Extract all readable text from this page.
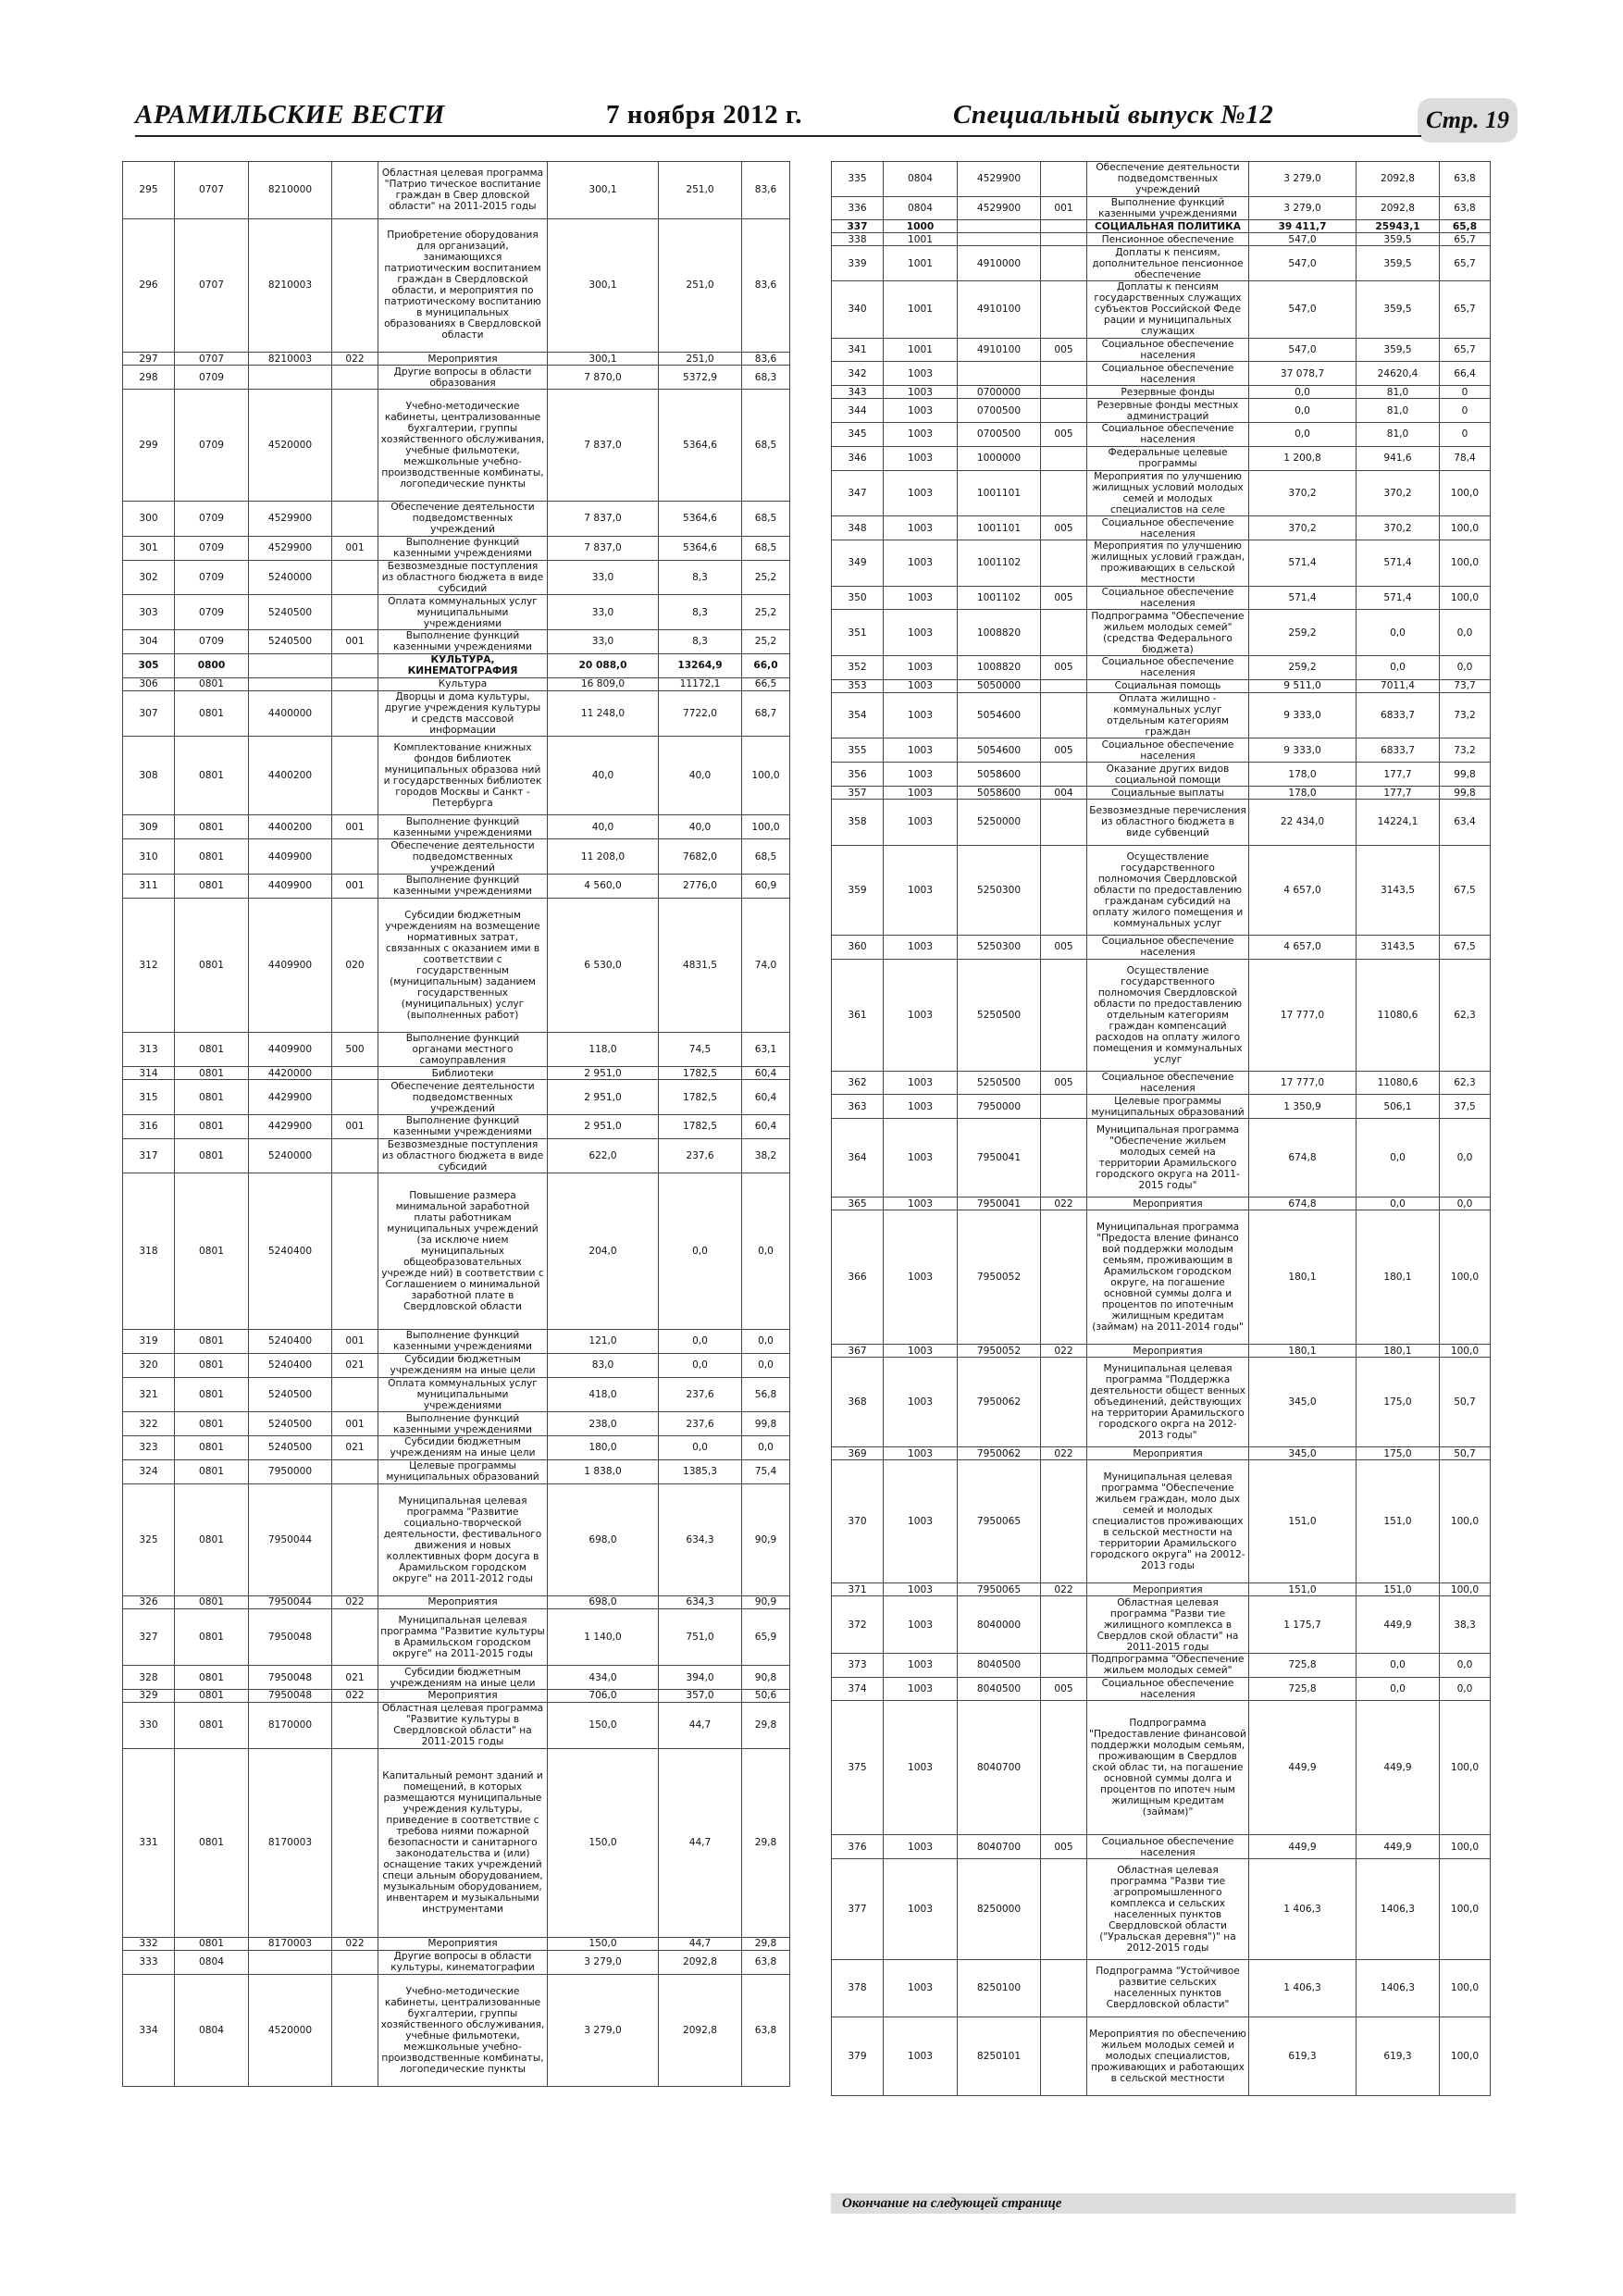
АРАМИЛЬСКИЕ ВЕСТИ	7 ноября 2012 г.	Специальный выпуск №12	Стр. 19
295	0707	8210000		Областная целевая программа "Патрио тическое воспитание граждан в Свер дловской области" на 2011-2015 годы	300,1	251,0	83,6
296	0707	8210003		Приобретение оборудования для организаций, занимающихся патриотическим воспитанием граждан в Свердловской области, и мероприятия по патриотическому воспитанию в муниципальных образованиях в Свердловской области	300,1	251,0	83,6
297	0707	8210003	022	Мероприятия	300,1	251,0	83,6
298	0709			Другие вопросы в области образования	7 870,0	5372,9	68,3
299	0709	4520000		Учебно-методические кабинеты, централизованные бухгалтерии, группы хозяйственного обслуживания, учебные фильмотеки, межшкольные учебно-производственные комбинаты, логопедические пункты	7 837,0	5364,6	68,5
300	0709	4529900		Обеспечение деятельности подведомственных учреждений	7 837,0	5364,6	68,5
301	0709	4529900	001	Выполнение функций казенными учреждениями	7 837,0	5364,6	68,5
302	0709	5240000		Безвозмездные поступления из областного бюджета в виде субсидий	33,0	8,3	25,2
303	0709	5240500		Оплата коммунальных услуг муниципальными учреждениями	33,0	8,3	25,2
304	0709	5240500	001	Выполнение функций казенными учреждениями	33,0	8,3	25,2
305	0800			КУЛЬТУРА, КИНЕМАТОГРАФИЯ	20 088,0	13264,9	66,0
306	0801			Культура	16 809,0	11172,1	66,5
307	0801	4400000		Дворцы и дома культуры, другие учреждения культуры и средств массовой информации	11 248,0	7722,0	68,7
308	0801	4400200		Комплектование книжных фондов библиотек муниципальных образова ний и государственных библиотек городов Москвы и Санкт - Петербурга	40,0	40,0	100,0
309	0801	4400200	001	Выполнение функций казенными учреждениями	40,0	40,0	100,0
310	0801	4409900		Обеспечение деятельности подведомственных учреждений	11 208,0	7682,0	68,5
311	0801	4409900	001	Выполнение функций казенными учреждениями	4 560,0	2776,0	60,9
312	0801	4409900	020	Субсидии бюджетным учреждениям на возмещение нормативных затрат, связанных с оказанием ими в соответствии с государственным (муниципальным) заданием государственных (муниципальных) услуг (выполненных работ)	6 530,0	4831,5	74,0
313	0801	4409900	500	Выполнение функций органами местного самоуправления	118,0	74,5	63,1
314	0801	4420000		Библиотеки	2 951,0	1782,5	60,4
315	0801	4429900		Обеспечение деятельности подведомственных учреждений	2 951,0	1782,5	60,4
316	0801	4429900	001	Выполнение функций казенными учреждениями	2 951,0	1782,5	60,4
317	0801	5240000		Безвозмездные поступления из областного бюджета в виде субсидий	622,0	237,6	38,2
318	0801	5240400		Повышение размера минимальной заработной платы работникам муниципальных учреждений (за исключе нием муниципальных общеобразовательных учрежде ний) в соответствии с Соглашением о минимальной заработной плате в Свердловской области	204,0	0,0	0,0
319	0801	5240400	001	Выполнение функций казенными учреждениями	121,0	0,0	0,0
320	0801	5240400	021	Субсидии бюджетным учреждениям на иные цели	83,0	0,0	0,0
321	0801	5240500		Оплата коммунальных услуг муниципальными учреждениями	418,0	237,6	56,8
322	0801	5240500	001	Выполнение функций казенными учреждениями	238,0	237,6	99,8
323	0801	5240500	021	Субсидии бюджетным учреждениям на иные цели	180,0	0,0	0,0
324	0801	7950000		Целевые программы муниципальных образований	1 838,0	1385,3	75,4
325	0801	7950044		Муниципальная целевая программа "Развитие социально-творческой деятельности, фестивального движения и новых коллективных форм досуга в Арамильском городском округе" на 2011-2012 годы	698,0	634,3	90,9
326	0801	7950044	022	Мероприятия	698,0	634,3	90,9
327	0801	7950048		Муниципальная целевая программа "Развитие культуры в Арамильском городском округе" на 2011-2015 годы	1 140,0	751,0	65,9
328	0801	7950048	021	Субсидии бюджетным учреждениям на иные цели	434,0	394,0	90,8
329	0801	7950048	022	Мероприятия	706,0	357,0	50,6
330	0801	8170000		Областная целевая программа "Развитие культуры в Свердловской области" на 2011-2015 годы	150,0	44,7	29,8
331	0801	8170003		Капитальный ремонт зданий и помещений, в которых размещаются муниципальные учреждения культуры, приведение в соответствие с требова ниями пожарной безопасности и санитарного законодательства и (или) оснащение таких учреждений специ альным оборудованием, музыкальным оборудованием, инвентарем и музыкальными инструментами	150,0	44,7	29,8
332	0801	8170003	022	Мероприятия	150,0	44,7	29,8
333	0804			Другие вопросы в области культуры, кинематографии	3 279,0	2092,8	63,8
334	0804	4520000		Учебно-методические кабинеты, централизованные бухгалтерии, группы хозяйственного обслуживания, учебные фильмотеки, межшкольные учебно-производственные комбинаты, логопедические пункты	3 279,0	2092,8	63,8
335	0804	4529900		Обеспечение деятельности подведомственных учреждений	3 279,0	2092,8	63,8
336	0804	4529900	001	Выполнение функций казенными учреждениями	3 279,0	2092,8	63,8
337	1000			СОЦИАЛЬНАЯ ПОЛИТИКА	39 411,7	25943,1	65,8
338	1001			Пенсионное обеспечение	547,0	359,5	65,7
339	1001	4910000		Доплаты к пенсиям, дополнительное пенсионное обеспечение	547,0	359,5	65,7
340	1001	4910100		Доплаты к пенсиям государственных служащих субъектов Российской Феде рации и муниципальных служащих	547,0	359,5	65,7
341	1001	4910100	005	Социальное обеспечение населения	547,0	359,5	65,7
342	1003			Социальное обеспечение населения	37 078,7	24620,4	66,4
343	1003	0700000		Резервные фонды	0,0	81,0	0
344	1003	0700500		Резервные фонды местных администраций	0,0	81,0	0
345	1003	0700500	005	Социальное обеспечение населения	0,0	81,0	0
346	1003	1000000		Федеральные целевые программы	1 200,8	941,6	78,4
347	1003	1001101		Мероприятия по улучшению жилищных условий молодых семей и молодых специалистов на селе	370,2	370,2	100,0
348	1003	1001101	005	Социальное обеспечение населения	370,2	370,2	100,0
349	1003	1001102		Мероприятия по улучшению жилищных условий граждан, проживающих в сельской местности	571,4	571,4	100,0
350	1003	1001102	005	Социальное обеспечение населения	571,4	571,4	100,0
351	1003	1008820		Подпрограмма "Обеспечение жильем молодых семей" (средства Федерального бюджета)	259,2	0,0	0,0
352	1003	1008820	005	Социальное обеспечение населения	259,2	0,0	0,0
353	1003	5050000		Социальная помощь	9 511,0	7011,4	73,7
354	1003	5054600		Оплата жилищно - коммунальных услуг отдельным категориям граждан	9 333,0	6833,7	73,2
355	1003	5054600	005	Социальное обеспечение населения	9 333,0	6833,7	73,2
356	1003	5058600		Оказание других видов социальной помощи	178,0	177,7	99,8
357	1003	5058600	004	Социальные выплаты	178,0	177,7	99,8
358	1003	5250000		Безвозмездные перечисления из областного бюджета в виде субвенций	22 434,0	14224,1	63,4
359	1003	5250300		Осуществление государственного полномочия Свердловской области по предоставлению гражданам субсидий на оплату жилого помещения и коммунальных услуг	4 657,0	3143,5	67,5
360	1003	5250300	005	Социальное обеспечение населения	4 657,0	3143,5	67,5
361	1003	5250500		Осуществление государственного полномочия Свердловской области по предоставлению отдельным категориям граждан компенсаций расходов на оплату жилого помещения и коммунальных услуг	17 777,0	11080,6	62,3
362	1003	5250500	005	Социальное обеспечение населения	17 777,0	11080,6	62,3
363	1003	7950000		Целевые программы муниципальных образований	1 350,9	506,1	37,5
364	1003	7950041		Муниципальная программа "Обеспечение жильем молодых семей на территории Арамильского городского округа на 2011-2015 годы"	674,8	0,0	0,0
365	1003	7950041	022	Мероприятия	674,8	0,0	0,0
366	1003	7950052		Муниципальная программа "Предоста вление финансо вой поддержки молодым семьям, проживающим в Арамильском городском округе, на погашение основной суммы долга и процентов по ипотечным жилищным кредитам (займам) на 2011-2014 годы"	180,1	180,1	100,0
367	1003	7950052	022	Мероприятия	180,1	180,1	100,0
368	1003	7950062		Муниципальная целевая программа "Поддержка деятельности общест венных объединений, действующих на территории Арамильского городского окрга на 2012-2013 годы"	345,0	175,0	50,7
369	1003	7950062	022	Мероприятия	345,0	175,0	50,7
370	1003	7950065		Муниципальная целевая программа "Обеспечение жильем граждан, моло дых семей и молодых специалистов проживающих в сельской местности на территории Арамильского городского округа" на 20012-2013 годы	151,0	151,0	100,0
371	1003	7950065	022	Мероприятия	151,0	151,0	100,0
372	1003	8040000		Областная целевая программа "Разви тие жилищного комплекса в Свердлов ской области" на 2011-2015 годы	1 175,7	449,9	38,3
373	1003	8040500		Подпрограмма "Обеспечение жильем молодых семей"	725,8	0,0	0,0
374	1003	8040500	005	Социальное обеспечение населения	725,8	0,0	0,0
375	1003	8040700		Подпрограмма "Предоставление финансовой поддержки молодым семьям, проживающим в Свердлов ской облас ти, на погашение основной суммы долга и процентов по ипотеч ным жилищным кредитам (займам)"	449,9	449,9	100,0
376	1003	8040700	005	Социальное обеспечение населения	449,9	449,9	100,0
377	1003	8250000		Областная целевая программа "Разви тие агропромышленного комплекса и сельских населенных пунктов Свердловской области ("Уральская деревня")" на 2012-2015 годы	1 406,3	1406,3	100,0
378	1003	8250100		Подпрограмма "Устойчивое развитие сельских населенных пунктов Свердловской области"	1 406,3	1406,3	100,0
379	1003	8250101		Мероприятия по обеспечению жильем молодых семей и молодых специалистов, проживающих и работающих в сельской местности	619,3	619,3	100,0
Окончание на следующей странице
